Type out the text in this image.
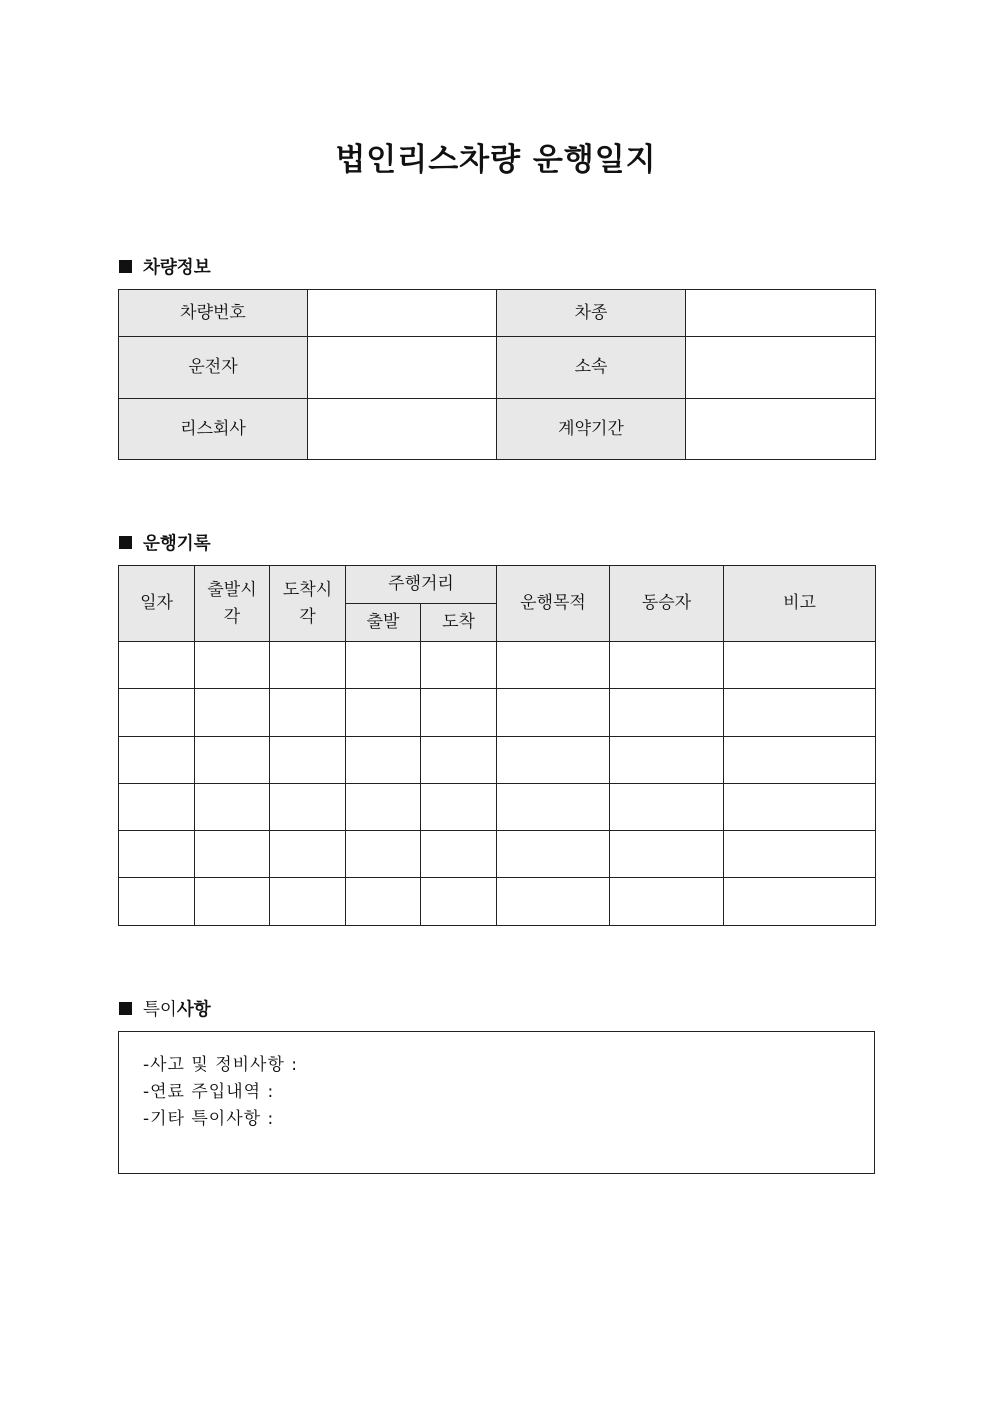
법인리스차량 운행일지
차량정보
차량번호		차종	
운전자		소속	
리스회사		계약기간	
운행기록
일자	출발시각	도착시각	주행거리		운행목적	동승자	비고
			출발	도착			

특이 사항
-사고 및 정비사항 :
-연료 주입내역 :
-기타 특이사항 :
